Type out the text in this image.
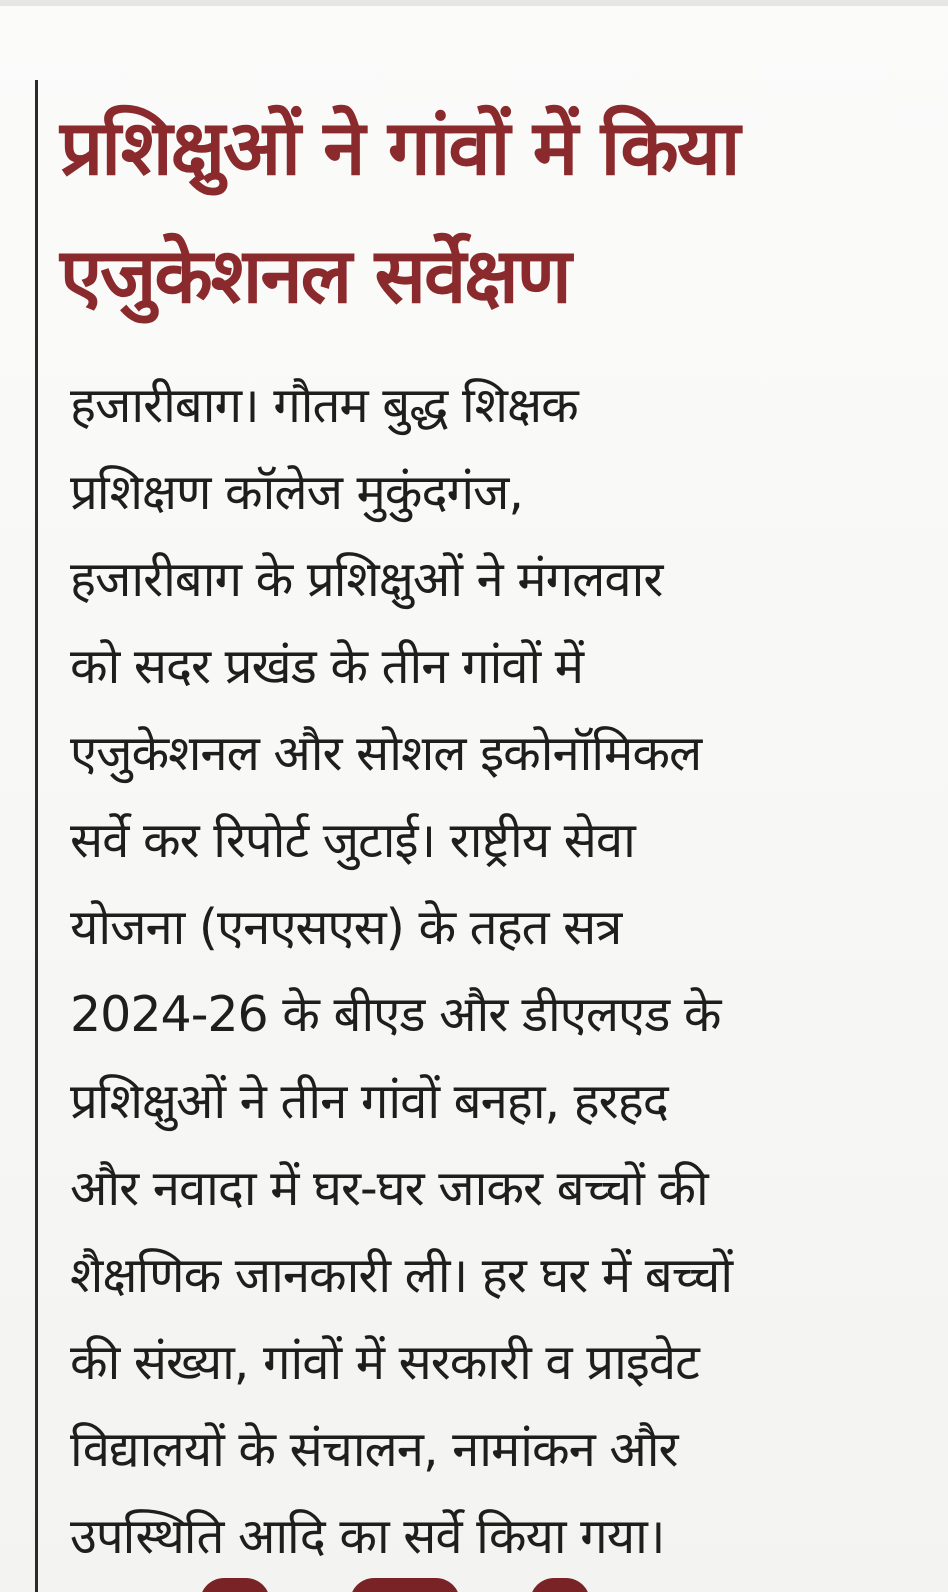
प्रशिक्षुओं ने गांवों में किया
एजुकेशनल सर्वेक्षण
हजारीबाग। गौतम बुद्ध शिक्षक
प्रशिक्षण कॉलेज मुकुंदगंज,
हजारीबाग के प्रशिक्षुओं ने मंगलवार
को सदर प्रखंड के तीन गांवों में
एजुकेशनल और सोशल इकोनॉमिकल
सर्वे कर रिपोर्ट जुटाई। राष्ट्रीय सेवा
योजना (एनएसएस) के तहत सत्र
2024-26 के बीएड और डीएलएड के
प्रशिक्षुओं ने तीन गांवों बनहा, हरहद
और नवादा में घर-घर जाकर बच्चों की
शैक्षणिक जानकारी ली। हर घर में बच्चों
की संख्या, गांवों में सरकारी व प्राइवेट
विद्यालयों के संचालन, नामांकन और
उपस्थिति आदि का सर्वे किया गया।
